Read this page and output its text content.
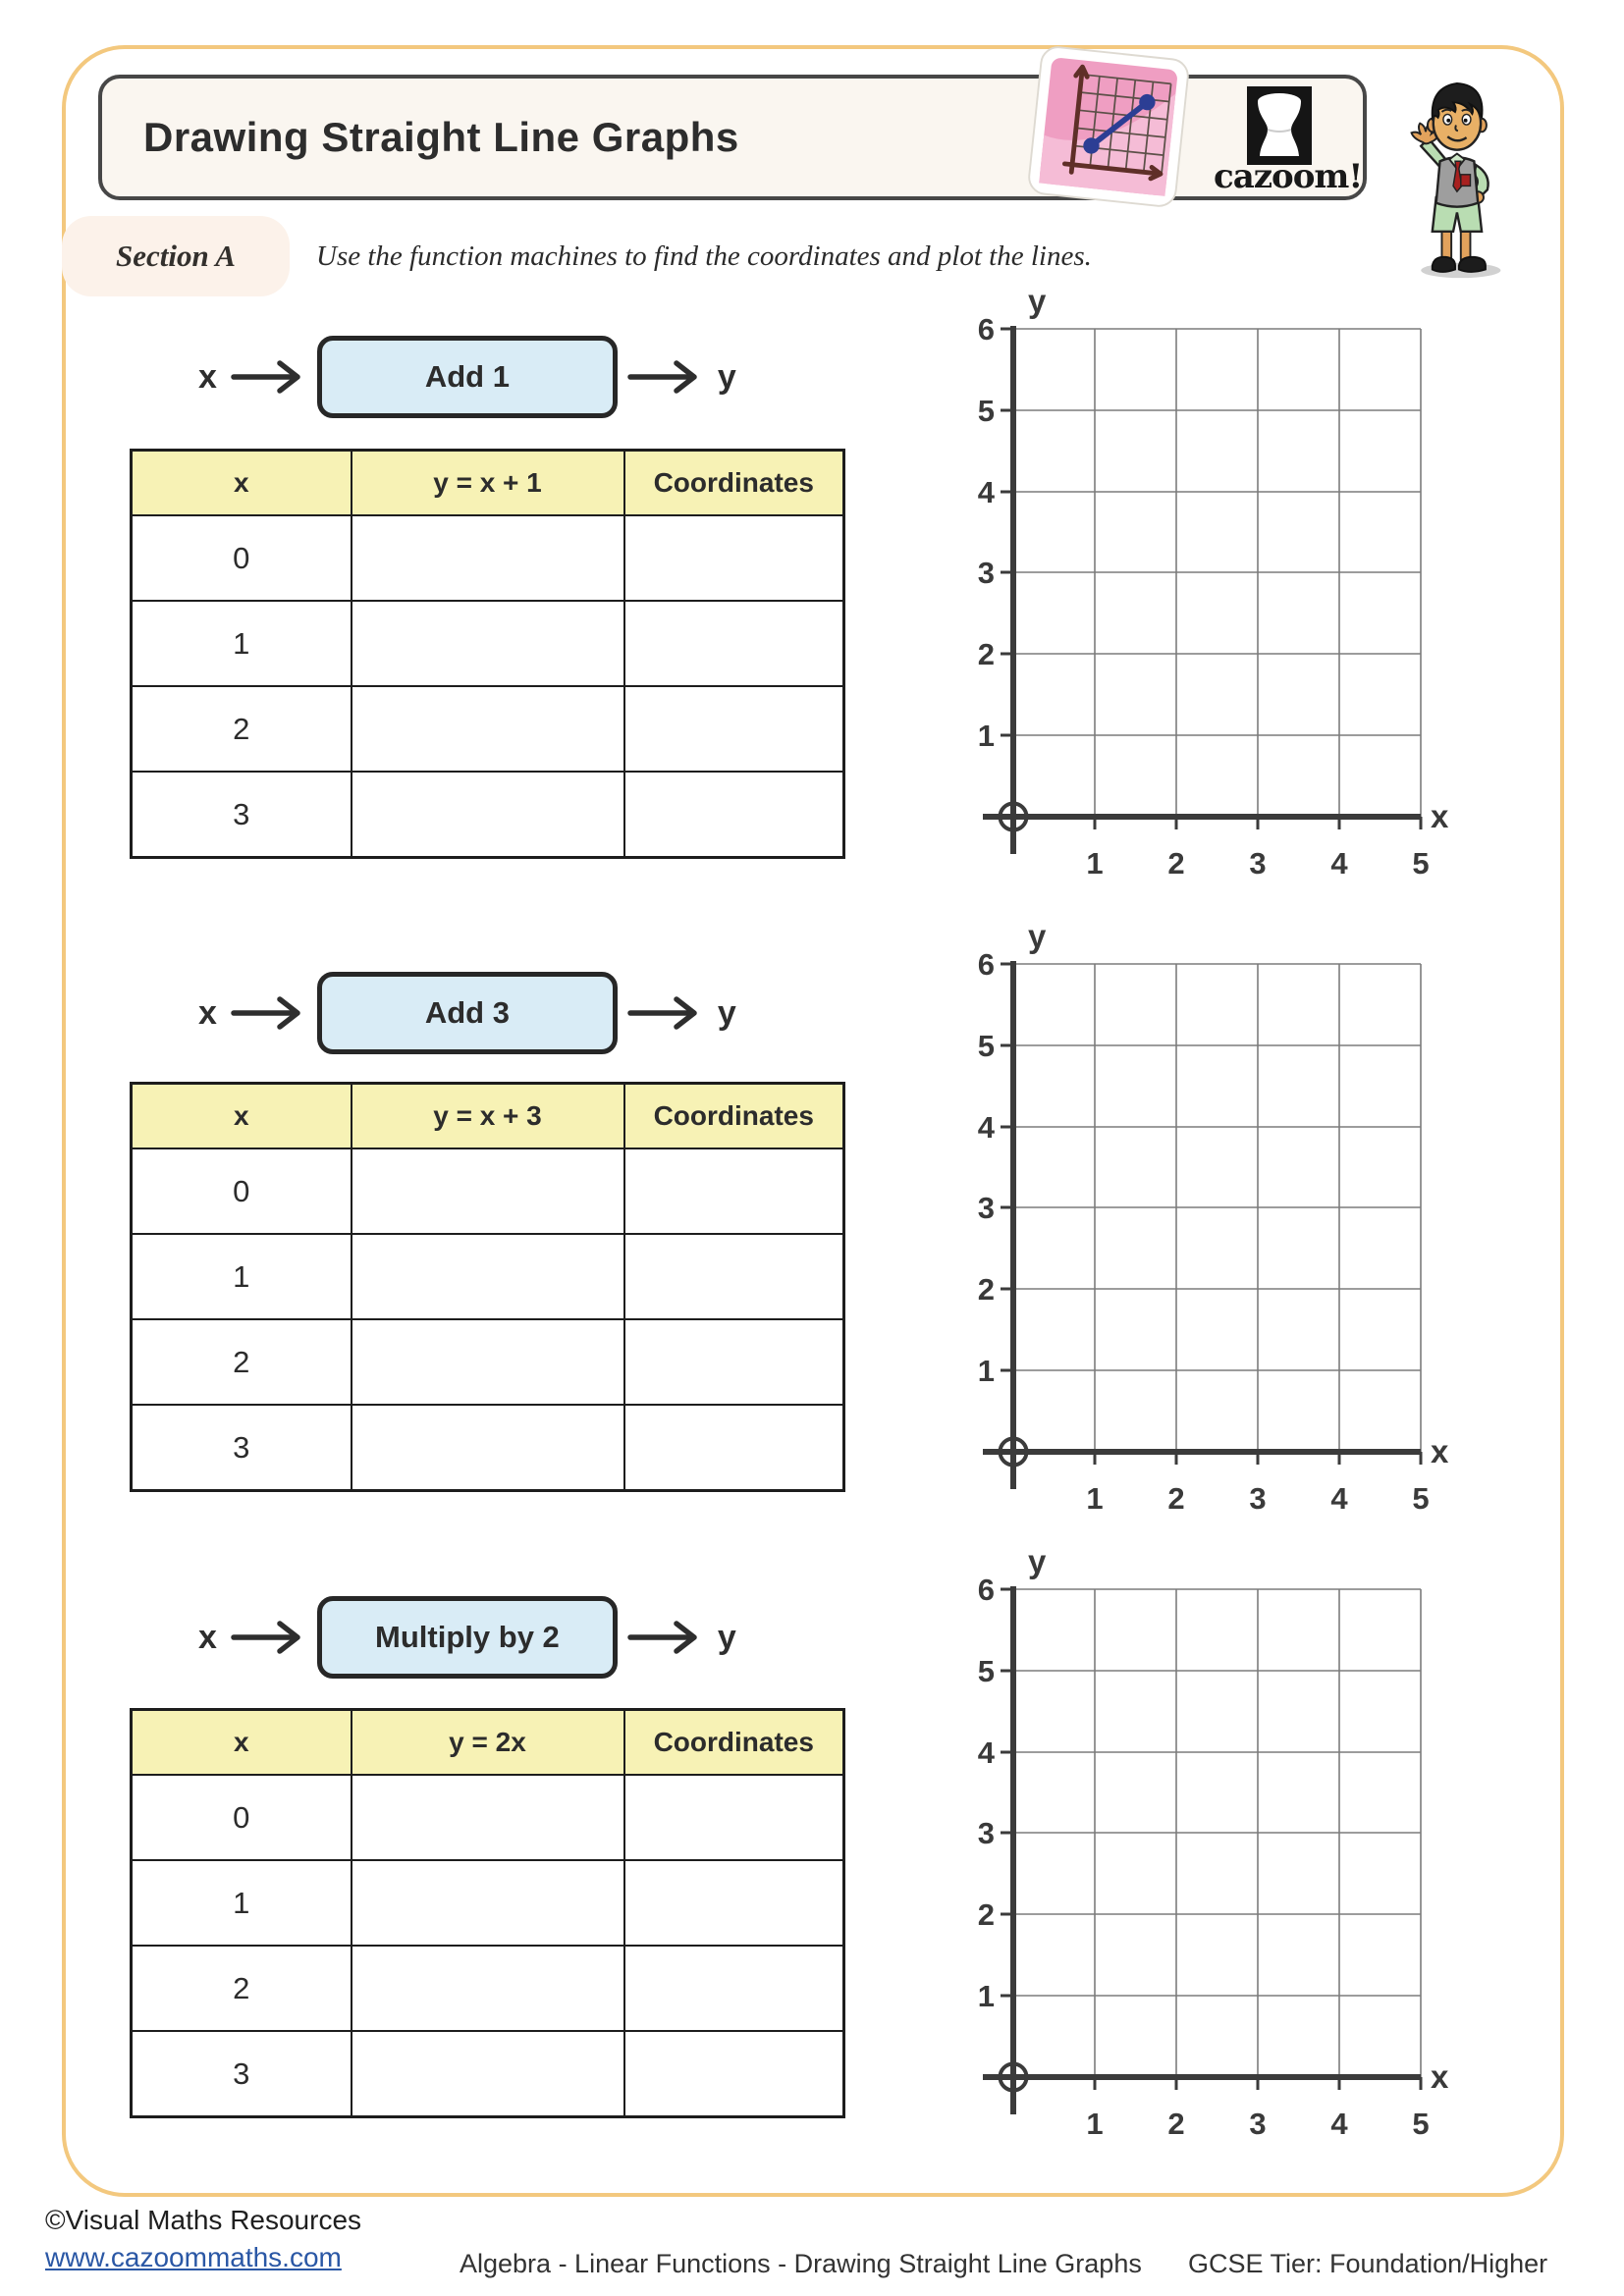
Drawing Straight Line Graphs
cazoom!
Section A	Use the function machines to find the coordinates and plot the lines.
x	Add 1	y
x	y = x + 1	Coordinates
0		
1		
2		
3		
y
x
6
5
4
3
2
1
1 2 3 4 5
x	Add 3	y
x	y = x + 3	Coordinates
0		
1		
2		
3		
y
x
6
5
4
3
2
1
1 2 3 4 5
x	Multiply by 2	y
x	y = 2x	Coordinates
0		
1		
2		
3		
y
x
6
5
4
3
2
1
1 2 3 4 5
©Visual Maths Resources
www.cazoommaths.com	Algebra - Linear Functions - Drawing Straight Line Graphs GCSE Tier: Foundation/Higher
